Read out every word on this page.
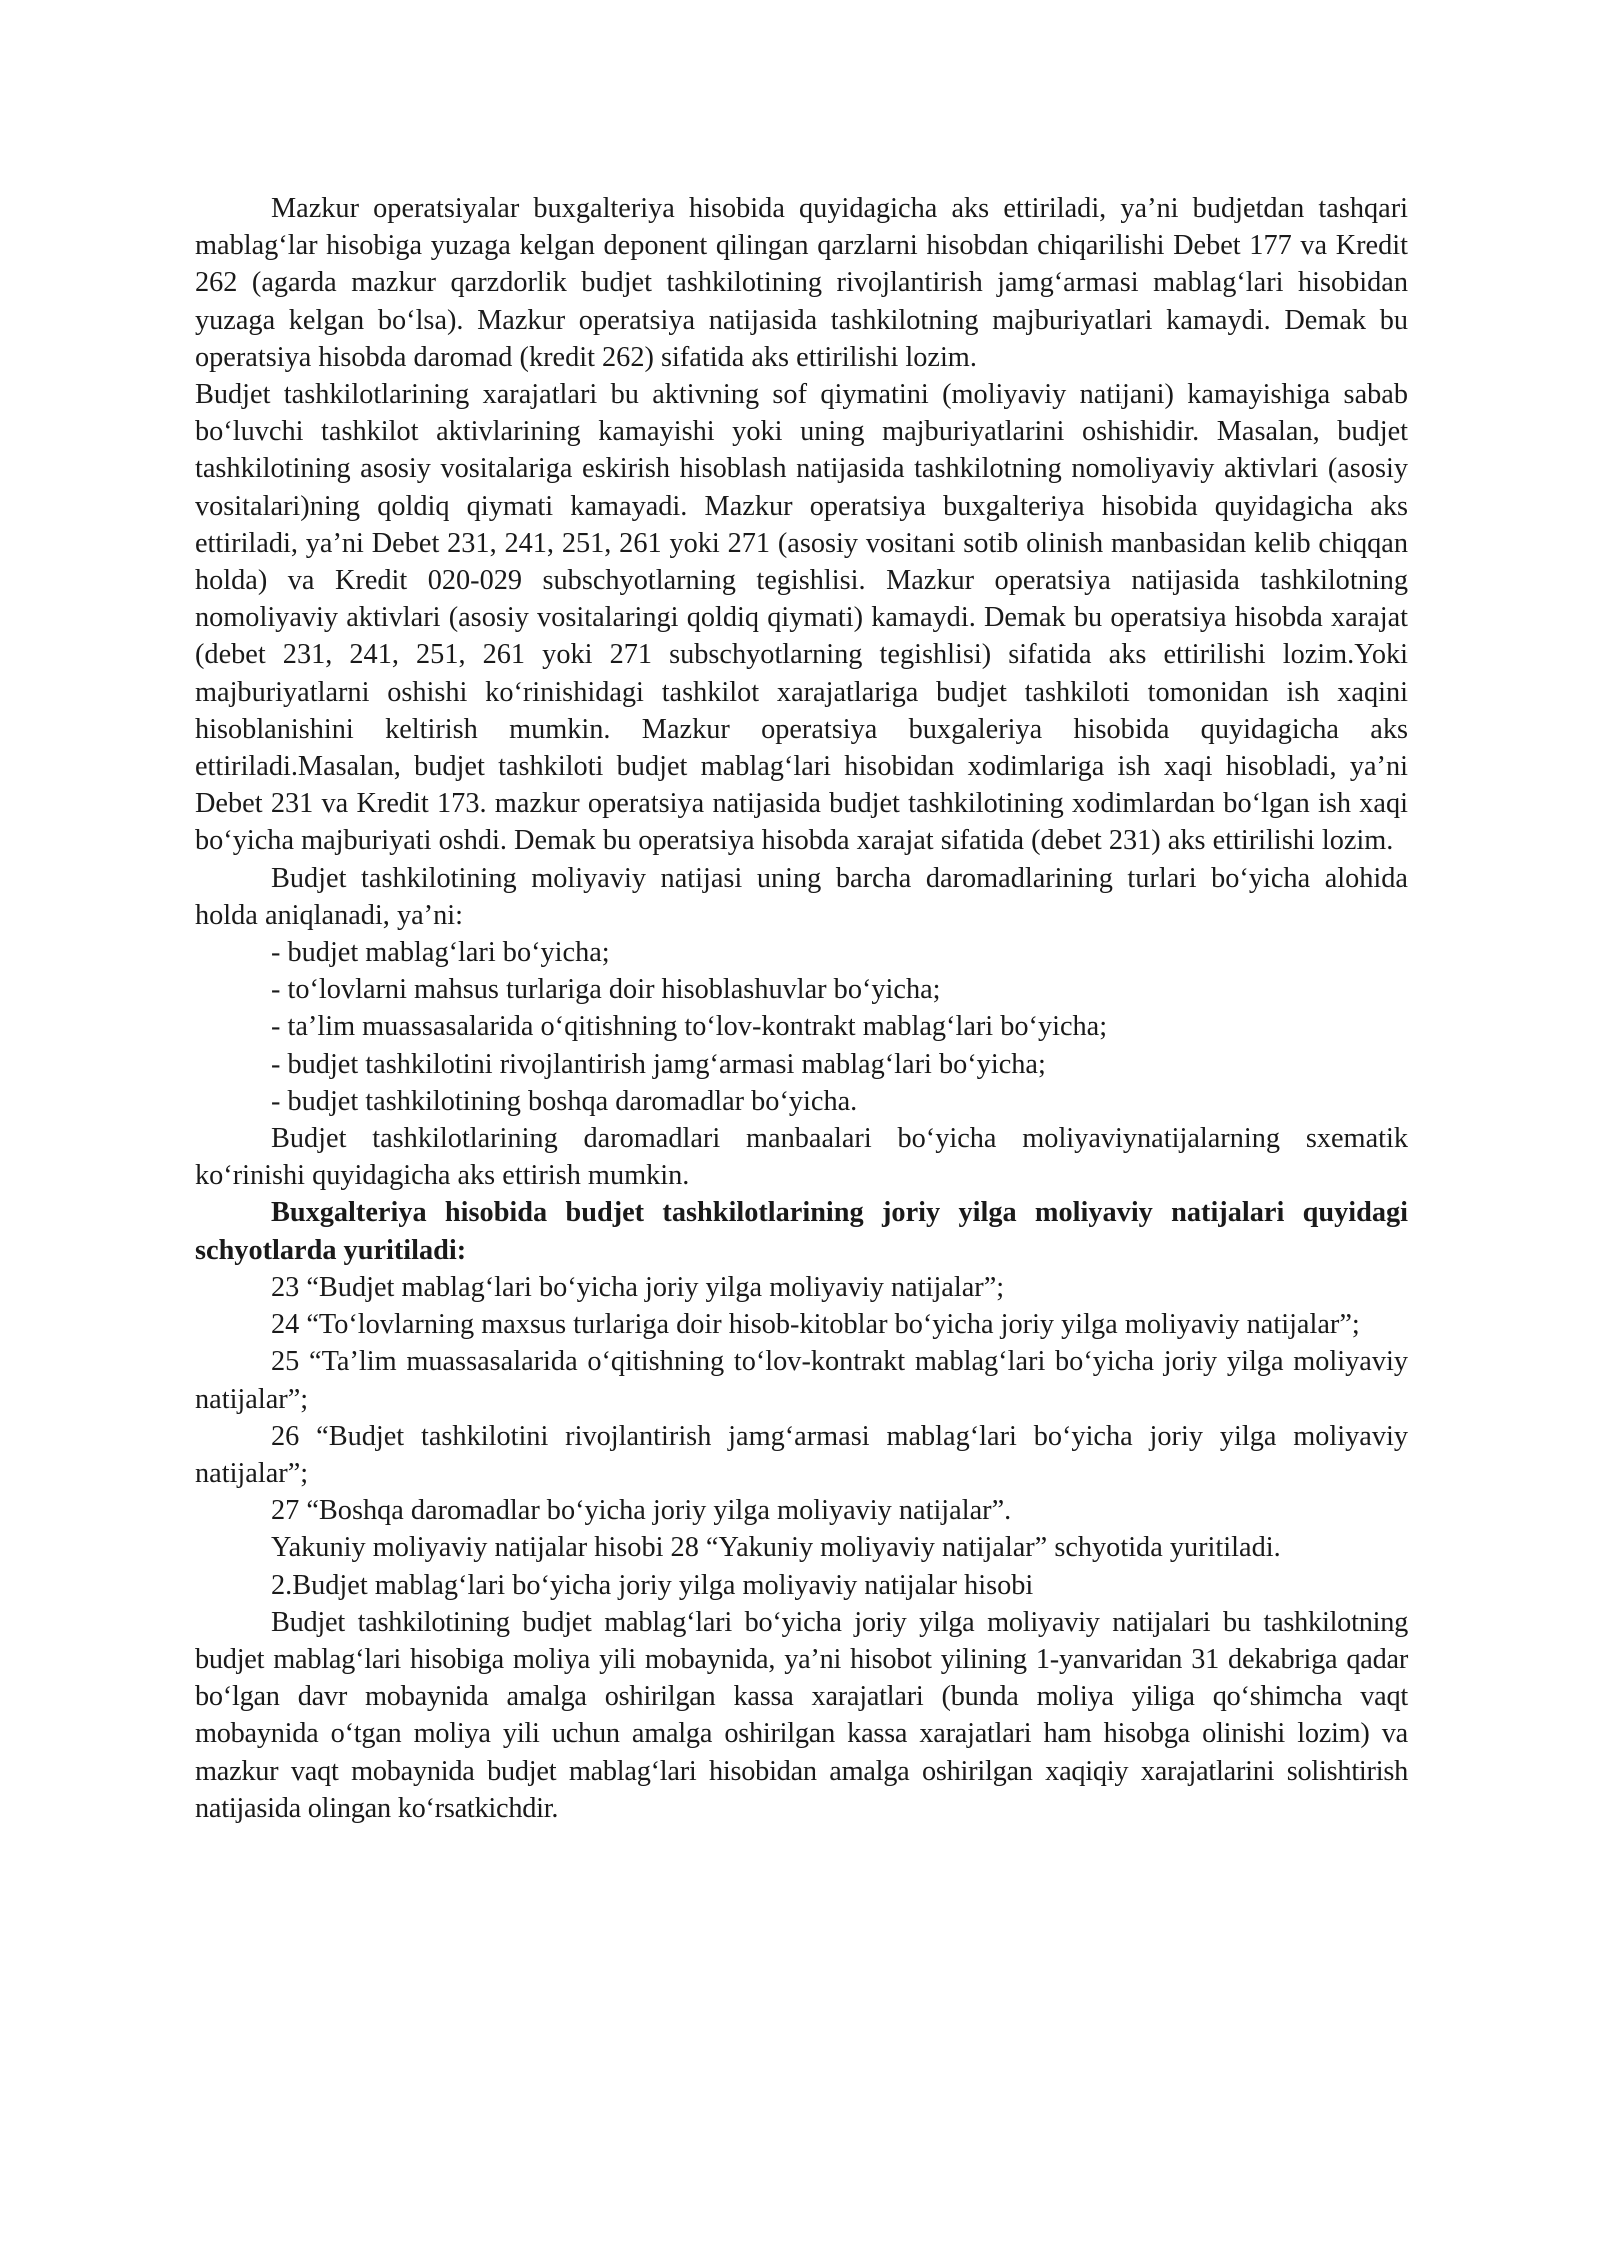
Mazkur operatsiyalar buxgalteriya hisobida quyidagicha aks ettiriladi, ya’ni budjetdan tashqari mablag‘lar hisobiga yuzaga kelgan deponent qilingan qarzlarni hisobdan chiqarilishi Debet 177 va Kredit 262 (agarda mazkur qarzdorlik budjet tashkilotining rivojlantirish jamg‘armasi mablag‘lari hisobidan yuzaga kelgan bo‘lsa). Mazkur operatsiya natijasida tashkilotning majburiyatlari kamaydi. Demak bu operatsiya hisobda daromad (kredit 262) sifatida aks ettirilishi lozim.

Budjet tashkilotlarining xarajatlari bu aktivning sof qiymatini (moliyaviy natijani) kamayishiga sabab bo‘luvchi tashkilot aktivlarining kamayishi yoki uning majburiyatlarini oshishidir. Masalan, budjet tashkilotining asosiy vositalariga eskirish hisoblash natijasida tashkilotning nomoliyaviy aktivlari (asosiy vositalari)ning qoldiq qiymati kamayadi. Mazkur operatsiya buxgalteriya hisobida quyidagicha aks ettiriladi, ya’ni Debet 231, 241, 251, 261 yoki 271 (asosiy vositani sotib olinish manbasidan kelib chiqqan holda) va Kredit 020-029 subschyotlarning tegishlisi. Mazkur operatsiya natijasida tashkilotning nomoliyaviy aktivlari (asosiy vositalaringi qoldiq qiymati) kamaydi. Demak bu operatsiya hisobda xarajat (debet 231, 241, 251, 261 yoki 271 subschyotlarning tegishlisi) sifatida aks ettirilishi lozim.Yoki majburiyatlarni oshishi ko‘rinishidagi tashkilot xarajatlariga budjet tashkiloti tomonidan ish xaqini hisoblanishini keltirish mumkin. Mazkur operatsiya buxgaleriya hisobida quyidagicha aks ettiriladi.Masalan, budjet tashkiloti budjet mablag‘lari hisobidan xodimlariga ish xaqi hisobladi, ya’ni Debet 231 va Kredit 173. mazkur operatsiya natijasida budjet tashkilotining xodimlardan bo‘lgan ish xaqi bo‘yicha majburiyati oshdi. Demak bu operatsiya hisobda xarajat sifatida (debet 231) aks ettirilishi lozim.

Budjet tashkilotining moliyaviy natijasi uning barcha daromadlarining turlari bo‘yicha alohida holda aniqlanadi, ya’ni:

- budjet mablag‘lari bo‘yicha;

- to‘lovlarni mahsus turlariga doir hisoblashuvlar bo‘yicha;

- ta’lim muassasalarida o‘qitishning to‘lov-kontrakt mablag‘lari bo‘yicha;

- budjet tashkilotini rivojlantirish jamg‘armasi mablag‘lari bo‘yicha;

- budjet tashkilotining boshqa daromadlar bo‘yicha.

Budjet tashkilotlarining daromadlari manbaalari bo‘yicha moliyaviynatijalarning sxematik ko‘rinishi quyidagicha aks ettirish mumkin.

Buxgalteriya hisobida budjet tashkilotlarining joriy yilga moliyaviy natijalari quyidagi schyotlarda yuritiladi:

23 “Budjet mablag‘lari bo‘yicha joriy yilga moliyaviy natijalar”;

24 “To‘lovlarning maxsus turlariga doir hisob-kitoblar bo‘yicha joriy yilga moliyaviy natijalar”;

25 “Ta’lim muassasalarida o‘qitishning to‘lov-kontrakt mablag‘lari bo‘yicha joriy yilga moliyaviy natijalar”;

26 “Budjet tashkilotini rivojlantirish jamg‘armasi mablag‘lari bo‘yicha joriy yilga moliyaviy natijalar”;

27 “Boshqa daromadlar bo‘yicha joriy yilga moliyaviy natijalar”.

Yakuniy moliyaviy natijalar hisobi 28 “Yakuniy moliyaviy natijalar” schyotida yuritiladi.

2.Budjet mablag‘lari bo‘yicha joriy yilga moliyaviy natijalar hisobi

Budjet tashkilotining budjet mablag‘lari bo‘yicha joriy yilga moliyaviy natijalari bu tashkilotning budjet mablag‘lari hisobiga moliya yili mobaynida, ya’ni hisobot yilining 1-yanvaridan 31 dekabriga qadar bo‘lgan davr mobaynida amalga oshirilgan kassa xarajatlari (bunda moliya yiliga qo‘shimcha vaqt mobaynida o‘tgan moliya yili uchun amalga oshirilgan kassa xarajatlari ham hisobga olinishi lozim) va mazkur vaqt mobaynida budjet mablag‘lari hisobidan amalga oshirilgan xaqiqiy xarajatlarini solishtirish natijasida olingan ko‘rsatkichdir.
